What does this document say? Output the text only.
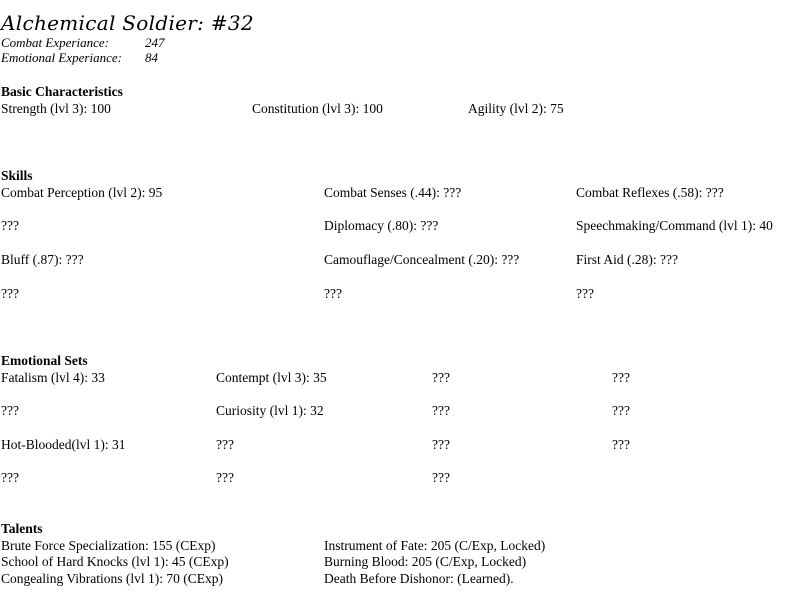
Alchemical Soldier: #32
Combat Experiance:	247
Emotional Experiance: 84
Basic Characteristics
Strength (lvl 3): 100	Constitution (lvl 3): 100	Agility (lvl 2): 75
Skills
Combat Perception (lvl 2): 95	Combat Senses (.44): ???	Combat Reflexes (.58): ???
???	Diplomacy (.80): ???	Speechmaking/Command (lvl 1): 40
Bluff (.87): ???	Camouflage/Concealment (.20): ???	First Aid (.28): ???
???	???	???
Emotional Sets
Fatalism (lvl 4): 33	Contempt (lvl 3): 35	???	???
???	Curiosity (lvl 1): 32	???	???
Hot-Blooded(lvl 1): 31	???	???	???
???	???	???
Talents
Brute Force Specialization: 155 (CExp)	Instrument of Fate: 205 (C/Exp, Locked)
School of Hard Knocks (lvl 1): 45 (CExp)	Burning Blood: 205 (C/Exp, Locked)
Congealing Vibrations (lvl 1): 70 (CExp)	Death Before Dishonor: (Learned).
